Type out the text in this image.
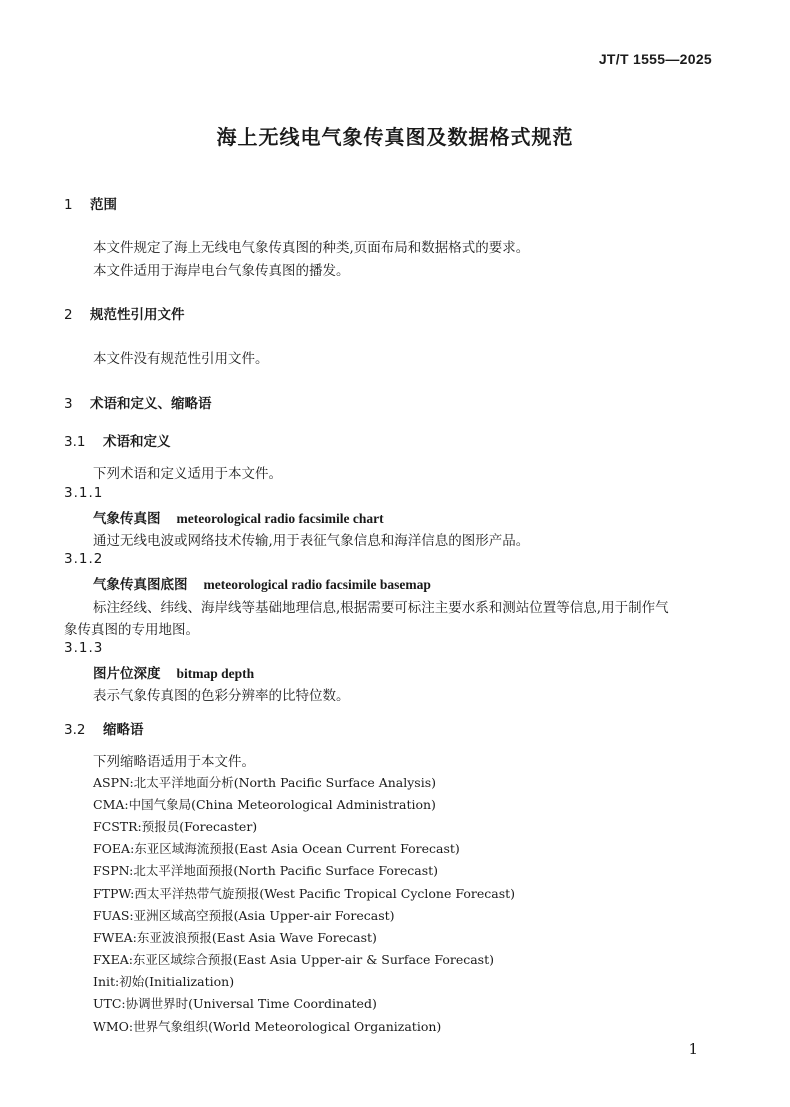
JT/T 1555—2025
海上无线电气象传真图及数据格式规范
1 范围
本文件规定了海上无线电气象传真图的种类,页面布局和数据格式的要求。
本文件适用于海岸电台气象传真图的播发。
2 规范性引用文件
本文件没有规范性引用文件。
3 术语和定义、缩略语
3.1 术语和定义
下列术语和定义适用于本文件。
3.1.1
气象传真图 meteorological radio facsimile chart
通过无线电波或网络技术传输,用于表征气象信息和海洋信息的图形产品。
3.1.2
气象传真图底图 meteorological radio facsimile basemap
标注经线、纬线、海岸线等基础地理信息,根据需要可标注主要水系和测站位置等信息,用于制作气
象传真图的专用地图。
3.1.3
图片位深度 bitmap depth
表示气象传真图的色彩分辨率的比特位数。
3.2 缩略语
下列缩略语适用于本文件。
ASPN:北太平洋地面分析(North Pacific Surface Analysis)
CMA:中国气象局(China Meteorological Administration)
FCSTR:预报员(Forecaster)
FOEA:东亚区域海流预报(East Asia Ocean Current Forecast)
FSPN:北太平洋地面预报(North Pacific Surface Forecast)
FTPW:西太平洋热带气旋预报(West Pacific Tropical Cyclone Forecast)
FUAS:亚洲区域高空预报(Asia Upper-air Forecast)
FWEA:东亚波浪预报(East Asia Wave Forecast)
FXEA:东亚区域综合预报(East Asia Upper-air & Surface Forecast)
Init:初始(Initialization)
UTC:协调世界时(Universal Time Coordinated)
WMO:世界气象组织(World Meteorological Organization)
1
